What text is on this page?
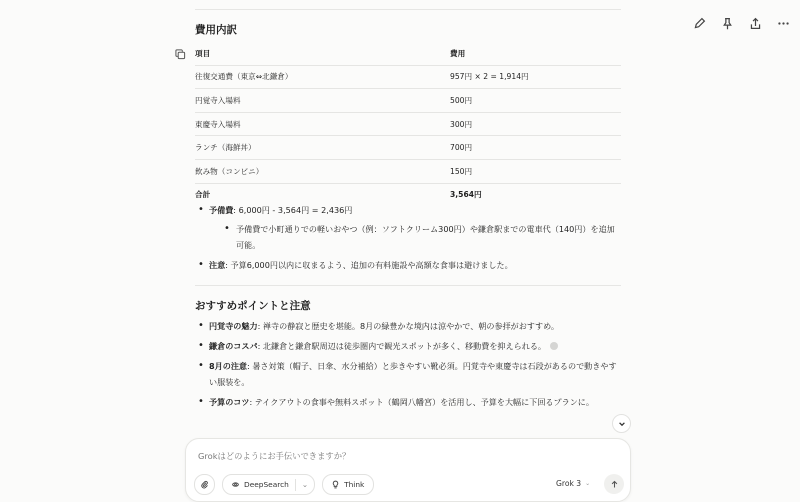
費用内訳
項目	費用
往復交通費（東京⇔北鎌倉）	957円 × 2 = 1,914円
円覚寺入場料	500円
東慶寺入場料	300円
ランチ（海鮮丼）	700円
飲み物（コンビニ）	150円
合計	3,564円
• 予備費: 6,000円 - 3,564円 = 2,436円
• 予備費で小町通りでの軽いおやつ（例：ソフトクリーム300円）や鎌倉駅までの電車代（140円）を追加可能。
• 注意: 予算6,000円以内に収まるよう、追加の有料施設や高額な食事は避けました。
おすすめポイントと注意
• 円覚寺の魅力: 禅寺の静寂と歴史を堪能。8月の緑豊かな境内は涼やかで、朝の参拝がおすすめ。
• 鎌倉のコスパ: 北鎌倉と鎌倉駅周辺は徒歩圏内で観光スポットが多く、移動費を抑えられる。
• 8月の注意: 暑さ対策（帽子、日傘、水分補給）と歩きやすい靴必須。円覚寺や東慶寺は石段があるので動きやすい服装を。
• 予算のコツ: テイクアウトの食事や無料スポット（鶴岡八幡宮）を活用し、予算を大幅に下回るプランに。
Grokはどのようにお手伝いできますか？
DeepSearch	⌄	Think	Grok 3 ⌄
